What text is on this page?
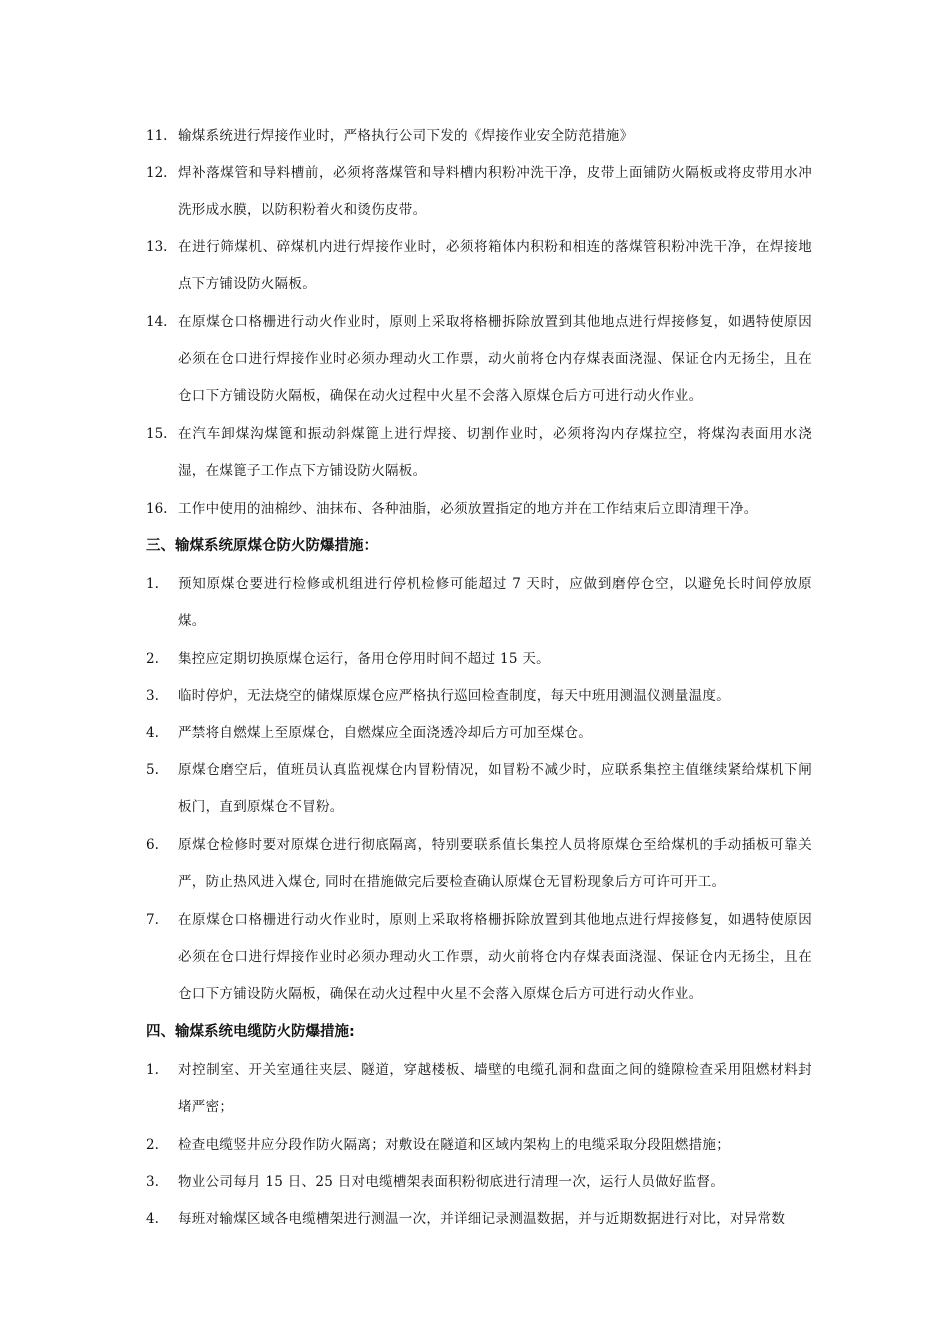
11. 输煤系统进行焊接作业时，严格执行公司下发的《焊接作业安全防范措施》
12. 焊补落煤管和导料槽前，必须将落煤管和导料槽内积粉冲洗干净，皮带上面铺防火隔板或将皮带用水冲洗形成水膜，以防积粉着火和烫伤皮带。
13. 在进行筛煤机、碎煤机内进行焊接作业时，必须将箱体内积粉和相连的落煤管积粉冲洗干净，在焊接地点下方铺设防火隔板。
14. 在原煤仓口格栅进行动火作业时，原则上采取将格栅拆除放置到其他地点进行焊接修复，如遇特使原因必须在仓口进行焊接作业时必须办理动火工作票，动火前将仓内存煤表面浇湿、保证仓内无扬尘，且在仓口下方铺设防火隔板，确保在动火过程中火星不会落入原煤仓后方可进行动火作业。
15. 在汽车卸煤沟煤篦和振动斜煤篦上进行焊接、切割作业时，必须将沟内存煤拉空，将煤沟表面用水浇湿，在煤篦子工作点下方铺设防火隔板。
16. 工作中使用的油棉纱、油抹布、各种油脂，必须放置指定的地方并在工作结束后立即清理干净。
三、输煤系统原煤仓防火防爆措施：
1.	预知原煤仓要进行检修或机组进行停机检修可能超过 7 天时，应做到磨停仓空，以避免长时间停放原煤。
2.	集控应定期切换原煤仓运行，备用仓停用时间不超过 15 天。
3.	临时停炉，无法烧空的储煤原煤仓应严格执行巡回检查制度，每天中班用测温仪测量温度。
4.	严禁将自燃煤上至原煤仓，自燃煤应全面浇透冷却后方可加至煤仓。
5.	原煤仓磨空后，值班员认真监视煤仓内冒粉情况，如冒粉不减少时，应联系集控主值继续紧给煤机下闸板门，直到原煤仓不冒粉。
6.	原煤仓检修时要对原煤仓进行彻底隔离，特别要联系值长集控人员将原煤仓至给煤机的手动插板可靠关严，防止热风进入煤仓, 同时在措施做完后要检查确认原煤仓无冒粉现象后方可许可开工。
7.	在原煤仓口格栅进行动火作业时，原则上采取将格栅拆除放置到其他地点进行焊接修复，如遇特使原因必须在仓口进行焊接作业时必须办理动火工作票，动火前将仓内存煤表面浇湿、保证仓内无扬尘，且在仓口下方铺设防火隔板，确保在动火过程中火星不会落入原煤仓后方可进行动火作业。
四、输煤系统电缆防火防爆措施:
1.	对控制室、开关室通往夹层、隧道，穿越楼板、墙壁的电缆孔洞和盘面之间的缝隙检查采用阻燃材料封堵严密；
2.	检查电缆竖井应分段作防火隔离；对敷设在隧道和区域内架构上的电缆采取分段阻燃措施；
3.	物业公司每月 15 日、25 日对电缆槽架表面积粉彻底进行清理一次，运行人员做好监督。
4.	每班对输煤区域各电缆槽架进行测温一次，并详细记录测温数据，并与近期数据进行对比，对异常数
